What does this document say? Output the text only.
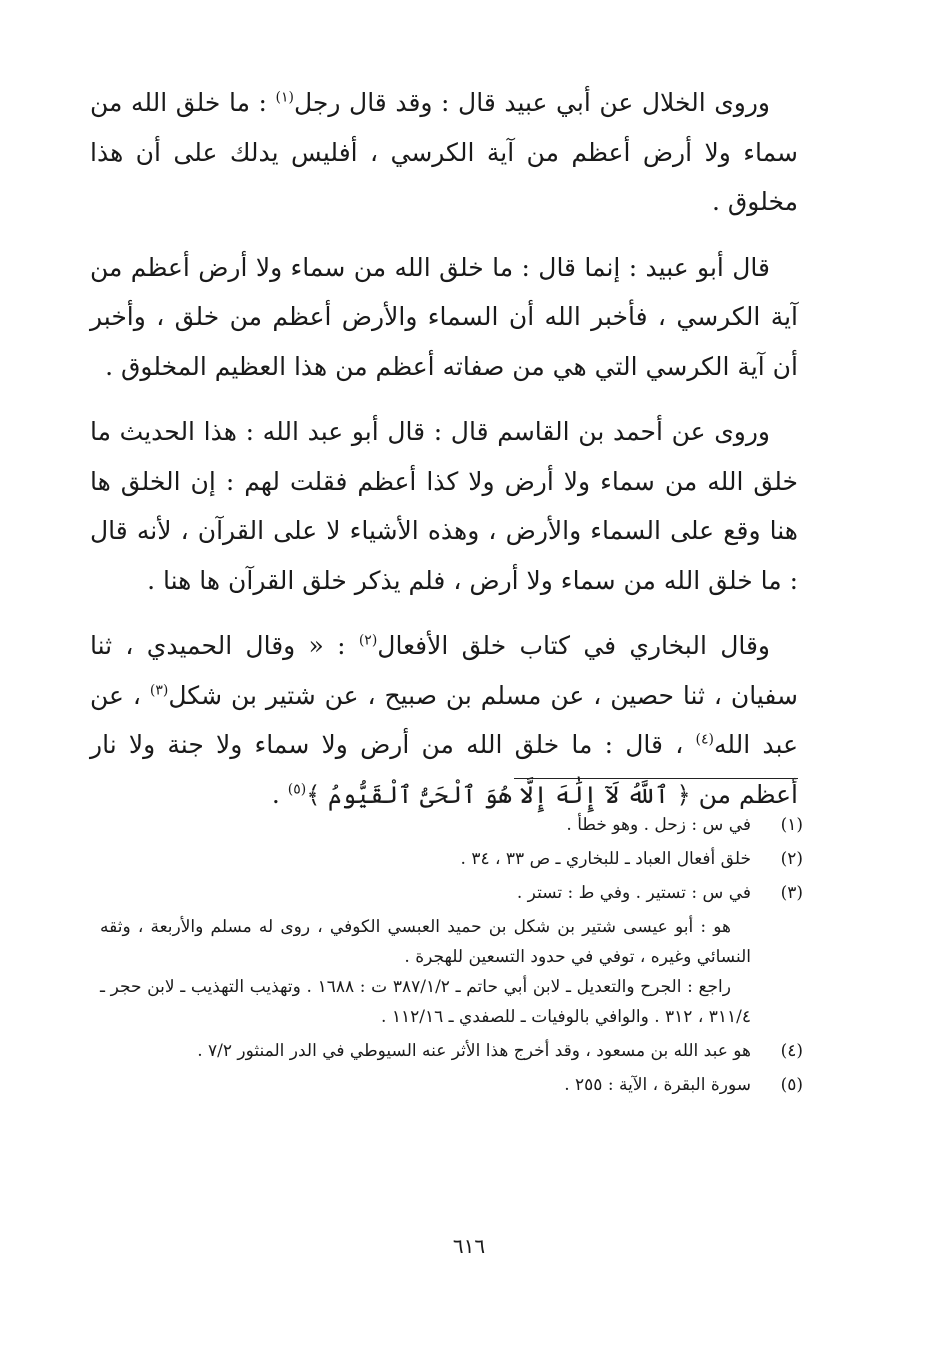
وروى الخلال عن أبي عبيد قال : وقد قال رجل$^{(١)}$ : ما خلق الله من سماء ولا أرض أعظم من آية الكرسي ، أفليس يدلك على أن هذا مخلوق .

قال أبو عبيد : إنما قال : ما خلق الله من سماء ولا أرض أعظم من آية الكرسي ، فأخبر الله أن السماء والأرض أعظم من خلق ، وأخبر أن آية الكرسي التي هي من صفاته أعظم من هذا العظيم المخلوق .

وروى عن أحمد بن القاسم قال : قال أبو عبد الله : هذا الحديث ما خلق الله من سماء ولا أرض ولا كذا أعظم فقلت لهم : إن الخلق ها هنا وقع على السماء والأرض ، وهذه الأشياء لا على القرآن ، لأنه قال : ما خلق الله من سماء ولا أرض ، فلم يذكر خلق القرآن ها هنا .

وقال البخاري في كتاب خلق الأفعال$^{(٢)}$ : « وقال الحميدي ، ثنا سفيان ، ثنا حصين ، عن مسلم بن صبيح ، عن شتير بن شكل$^{(٣)}$ ، عن عبد الله$^{(٤)}$ ، قال : ما خلق الله من أرض ولا سماء ولا جنة ولا نار أعظم من ﴿ ٱللَّهُ لَآ إِلَٰهَ إِلَّا هُوَ ٱلْحَىُّ ٱلْقَيُّومُ ﴾$^{(٥)}$ .

(١)
في س : زحل . وهو خطأ .
(٢)
خلق أفعال العباد ـ للبخاري ـ ص ٣٣ ، ٣٤ .
(٣)
في س : تستير . وفي ط : تستر .

هو : أبو عيسى شتير بن شكل بن حميد العبسي الكوفي ، روى له مسلم والأربعة ، وثقه النسائي وغيره ، توفي في حدود التسعين للهجرة .

راجع : الجرح والتعديل ـ لابن أبي حاتم ـ ٣٨٧/١/٢ ت : ١٦٨٨ . وتهذيب التهذيب ـ لابن حجر ـ ٣١١/٤ ، ٣١٢ . والوافي بالوفيات ـ للصفدي ـ ١١٢/١٦ .

(٤)
هو عبد الله بن مسعود ، وقد أخرج هذا الأثر عنه السيوطي في الدر المنثور ٧/٢ .
(٥)
سورة البقرة ، الآية : ٢٥٥ .
٦١٦
